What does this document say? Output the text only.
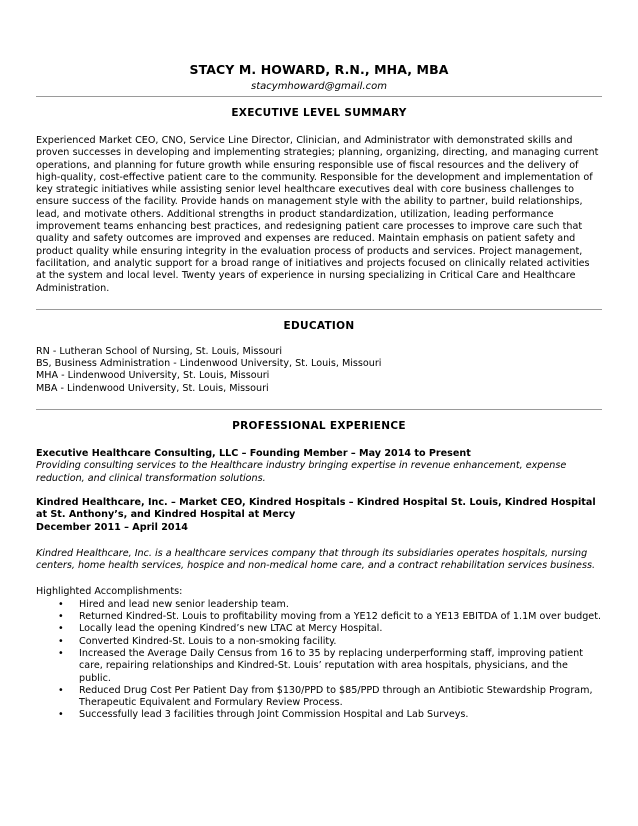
STACY M. HOWARD, R.N., MHA, MBA
stacymhoward@gmail.com
EXECUTIVE LEVEL SUMMARY
Experienced Market CEO, CNO, Service Line Director, Clinician, and Administrator with demonstrated skills and proven successes in developing and implementing strategies; planning, organizing, directing, and managing current operations, and planning for future growth while ensuring responsible use of fiscal resources and the delivery of high-quality, cost-effective patient care to the community. Responsible for the development and implementation of key strategic initiatives while assisting senior level healthcare executives deal with core business challenges to ensure success of the facility. Provide hands on management style with the ability to partner, build relationships, lead, and motivate others. Additional strengths in product standardization, utilization, leading performance improvement teams enhancing best practices, and redesigning patient care processes to improve care such that quality and safety outcomes are improved and expenses are reduced. Maintain emphasis on patient safety and product quality while ensuring integrity in the evaluation process of products and services. Project management, facilitation, and analytic support for a broad range of initiatives and projects focused on clinically related activities at the system and local level. Twenty years of experience in nursing specializing in Critical Care and Healthcare Administration.
EDUCATION
RN - Lutheran School of Nursing, St. Louis, Missouri
BS, Business Administration - Lindenwood University, St. Louis, Missouri
MHA - Lindenwood University, St. Louis, Missouri
MBA - Lindenwood University, St. Louis, Missouri
PROFESSIONAL EXPERIENCE
Executive Healthcare Consulting, LLC – Founding Member – May 2014 to Present
Providing consulting services to the Healthcare industry bringing expertise in revenue enhancement, expense reduction, and clinical transformation solutions.
Kindred Healthcare, Inc. – Market CEO, Kindred Hospitals – Kindred Hospital St. Louis, Kindred Hospital at St. Anthony’s, and Kindred Hospital at Mercy
December 2011 – April 2014
Kindred Healthcare, Inc. is a healthcare services company that through its subsidiaries operates hospitals, nursing centers, home health services, hospice and non-medical home care, and a contract rehabilitation services business.
Highlighted Accomplishments:
• Hired and lead new senior leadership team.
• Returned Kindred-St. Louis to profitability moving from a YE12 deficit to a YE13 EBITDA of 1.1M over budget.
• Locally lead the opening Kindred’s new LTAC at Mercy Hospital.
• Converted Kindred-St. Louis to a non-smoking facility.
• Increased the Average Daily Census from 16 to 35 by replacing underperforming staff, improving patient care, repairing relationships and Kindred-St. Louis’ reputation with area hospitals, physicians, and the public.
• Reduced Drug Cost Per Patient Day from $130/PPD to $85/PPD through an Antibiotic Stewardship Program, Therapeutic Equivalent and Formulary Review Process.
• Successfully lead 3 facilities through Joint Commission Hospital and Lab Surveys.
